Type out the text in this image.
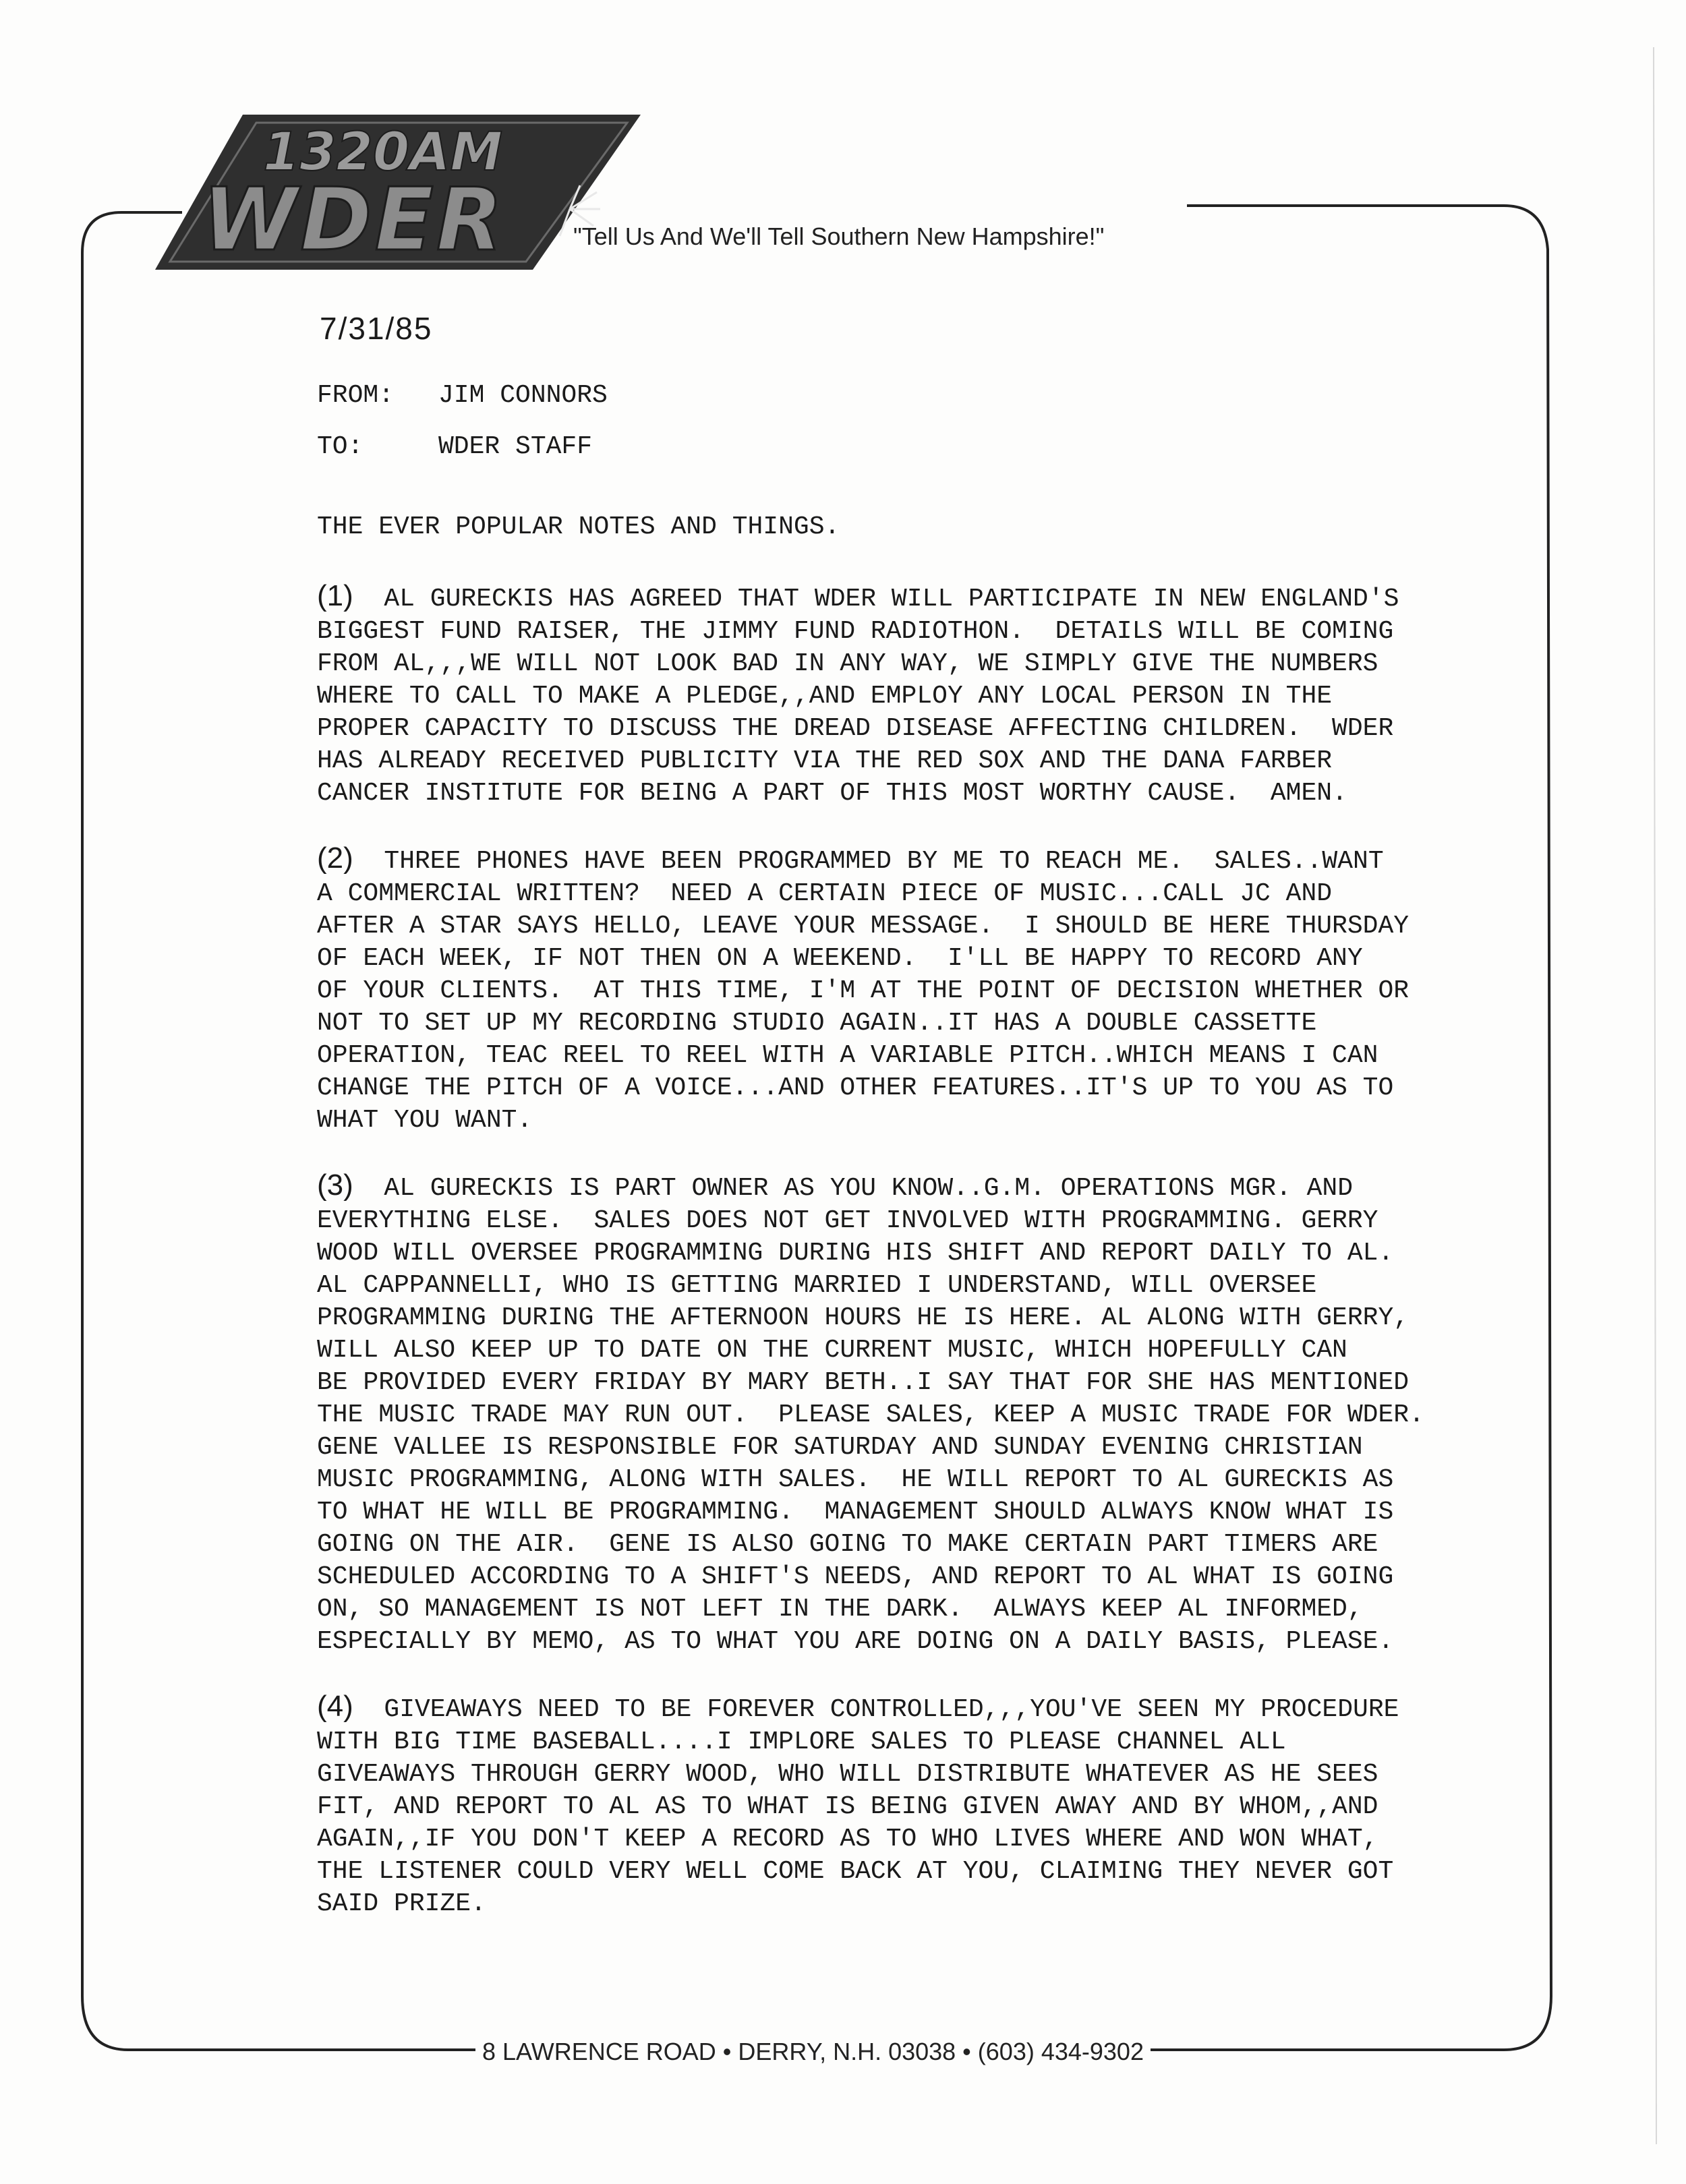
1320AM
WDER	"Tell Us And We'll Tell Southern New Hampshire!"
7/31/85
FROM: JIM CONNORS
TO:	WDER STAFF
THE EVER POPULAR NOTES AND THINGS.
(1)  AL GURECKIS HAS AGREED THAT WDER WILL PARTICIPATE IN NEW ENGLAND'S
BIGGEST FUND RAISER, THE JIMMY FUND RADIOTHON.  DETAILS WILL BE COMING
FROM AL,,,WE WILL NOT LOOK BAD IN ANY WAY, WE SIMPLY GIVE THE NUMBERS
WHERE TO CALL TO MAKE A PLEDGE,,AND EMPLOY ANY LOCAL PERSON IN THE
PROPER CAPACITY TO DISCUSS THE DREAD DISEASE AFFECTING CHILDREN.  WDER
HAS ALREADY RECEIVED PUBLICITY VIA THE RED SOX AND THE DANA FARBER
CANCER INSTITUTE FOR BEING A PART OF THIS MOST WORTHY CAUSE.  AMEN.
(2)  THREE PHONES HAVE BEEN PROGRAMMED BY ME TO REACH ME.  SALES..WANT
A COMMERCIAL WRITTEN?  NEED A CERTAIN PIECE OF MUSIC...CALL JC AND
AFTER A STAR SAYS HELLO, LEAVE YOUR MESSAGE.  I SHOULD BE HERE THURSDAY
OF EACH WEEK, IF NOT THEN ON A WEEKEND.  I'LL BE HAPPY TO RECORD ANY
OF YOUR CLIENTS.  AT THIS TIME, I'M AT THE POINT OF DECISION WHETHER OR
NOT TO SET UP MY RECORDING STUDIO AGAIN..IT HAS A DOUBLE CASSETTE
OPERATION, TEAC REEL TO REEL WITH A VARIABLE PITCH..WHICH MEANS I CAN
CHANGE THE PITCH OF A VOICE...AND OTHER FEATURES..IT'S UP TO YOU AS TO
WHAT YOU WANT.
(3)  AL GURECKIS IS PART OWNER AS YOU KNOW..G.M. OPERATIONS MGR. AND
EVERYTHING ELSE.  SALES DOES NOT GET INVOLVED WITH PROGRAMMING. GERRY
WOOD WILL OVERSEE PROGRAMMING DURING HIS SHIFT AND REPORT DAILY TO AL.
AL CAPPANNELLI, WHO IS GETTING MARRIED I UNDERSTAND, WILL OVERSEE
PROGRAMMING DURING THE AFTERNOON HOURS HE IS HERE. AL ALONG WITH GERRY,
WILL ALSO KEEP UP TO DATE ON THE CURRENT MUSIC, WHICH HOPEFULLY CAN
BE PROVIDED EVERY FRIDAY BY MARY BETH..I SAY THAT FOR SHE HAS MENTIONED
THE MUSIC TRADE MAY RUN OUT.  PLEASE SALES, KEEP A MUSIC TRADE FOR WDER.
GENE VALLEE IS RESPONSIBLE FOR SATURDAY AND SUNDAY EVENING CHRISTIAN
MUSIC PROGRAMMING, ALONG WITH SALES.  HE WILL REPORT TO AL GURECKIS AS
TO WHAT HE WILL BE PROGRAMMING.  MANAGEMENT SHOULD ALWAYS KNOW WHAT IS
GOING ON THE AIR.  GENE IS ALSO GOING TO MAKE CERTAIN PART TIMERS ARE
SCHEDULED ACCORDING TO A SHIFT'S NEEDS, AND REPORT TO AL WHAT IS GOING
ON, SO MANAGEMENT IS NOT LEFT IN THE DARK.  ALWAYS KEEP AL INFORMED,
ESPECIALLY BY MEMO, AS TO WHAT YOU ARE DOING ON A DAILY BASIS, PLEASE.
(4)  GIVEAWAYS NEED TO BE FOREVER CONTROLLED,,,YOU'VE SEEN MY PROCEDURE
WITH BIG TIME BASEBALL....I IMPLORE SALES TO PLEASE CHANNEL ALL
GIVEAWAYS THROUGH GERRY WOOD, WHO WILL DISTRIBUTE WHATEVER AS HE SEES
FIT, AND REPORT TO AL AS TO WHAT IS BEING GIVEN AWAY AND BY WHOM,,AND
AGAIN,,IF YOU DON'T KEEP A RECORD AS TO WHO LIVES WHERE AND WON WHAT,
THE LISTENER COULD VERY WELL COME BACK AT YOU, CLAIMING THEY NEVER GOT
SAID PRIZE.
8 LAWRENCE ROAD • DERRY, N.H. 03038 • (603) 434-9302
